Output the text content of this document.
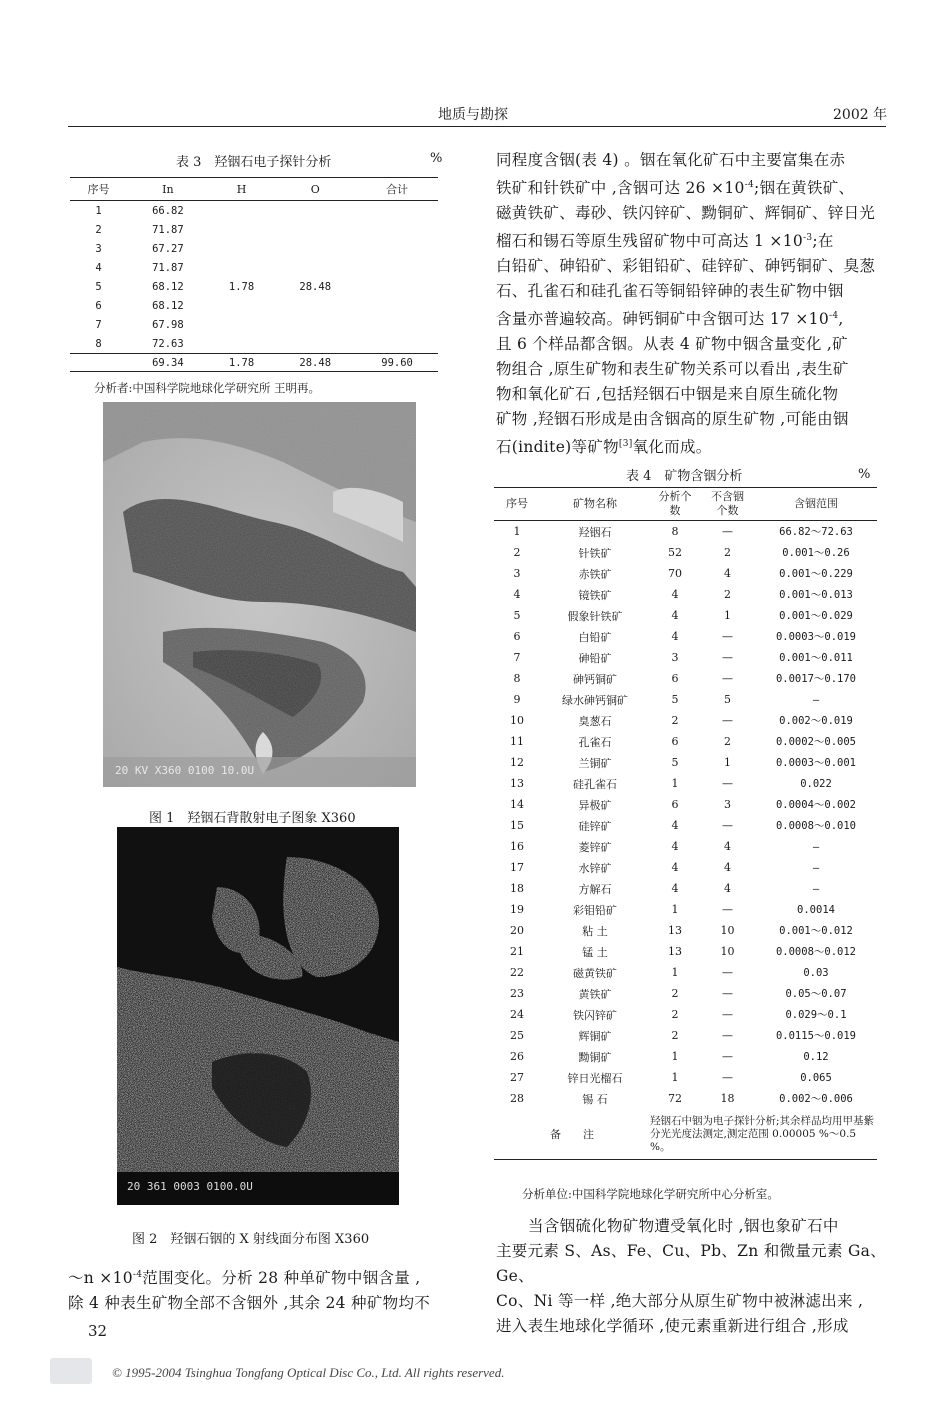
地质与勘探	2002 年
表 3　羟铟石电子探针分析	%
序号	In	H	O	合计
1	66.82			
2	71.87			
3	67.27			
4	71.87			
5	68.12	1.78	28.48	
6	68.12			
7	67.98			
8	72.63			
	69.34	1.78	28.48	99.60
分析者:中国科学院地球化学研究所 王明再。
20 KV X360 0100 10.0U
图 1　羟铟石背散射电子图象 X360
20 361 0003 0100.0U
图 2　羟铟石铟的 X 射线面分布图 X360

～n $\times 10^{-4}$范围变化。分析 28 种单矿物中铟含量 ,

除 4 种表生矿物全部不含铟外 ,其余 24 种矿物均不

32

同程度含铟(表 4) 。铟在氧化矿石中主要富集在赤

铁矿和针铁矿中 ,含铟可达 $26 \times 10^{-4}$;铟在黄铁矿、

磁黄铁矿、毒砂、铁闪锌矿、黝铜矿、辉铜矿、锌日光

榴石和锡石等原生残留矿物中可高达 $1 \times 10^{-3}$;在

白铅矿、砷铅矿、彩钼铅矿、硅锌矿、砷钙铜矿、臭葱

石、孔雀石和硅孔雀石等铜铅锌砷的表生矿物中铟

含量亦普遍较高。砷钙铜矿中含铟可达 $17 \times 10^{-4}$,

且 6 个样品都含铟。从表 4 矿物中铟含量变化 ,矿

物组合 ,原生矿物和表生矿物关系可以看出 ,表生矿

物和氧化矿石 ,包括羟铟石中铟是来自原生硫化物

矿物 ,羟铟石形成是由含铟高的原生矿物 ,可能由铟

石(indite)等矿物[3]氧化而成。

表 4　矿物含铟分析	%
序号	矿物名称	分析个数	不含铟个数	含铟范围
1	羟铟石	8	—	66.82～72.63
2	针铁矿	52	2	0.001～0.26
3	赤铁矿	70	4	0.001～0.229
4	镜铁矿	4	2	0.001～0.013
5	假象针铁矿	4	1	0.001～0.029
6	白铅矿	4	—	0.0003～0.019
7	砷铅矿	3	—	0.001～0.011
8	砷钙铜矿	6	—	0.0017～0.170
9	绿水砷钙铜矿	5	5	—
10	臭葱石	2	—	0.002～0.019
11	孔雀石	6	2	0.0002～0.005
12	兰铜矿	5	1	0.0003～0.001
13	硅孔雀石	1	—	0.022
14	异极矿	6	3	0.0004～0.002
15	硅锌矿	4	—	0.0008～0.010
16	菱锌矿	4	4	—
17	水锌矿	4	4	—
18	方解石	4	4	—
19	彩钼铅矿	1	—	0.0014
20	粘 土	13	10	0.001～0.012
21	锰 土	13	10	0.0008～0.012
22	磁黄铁矿	1	—	0.03
23	黄铁矿	2	—	0.05～0.07
24	铁闪锌矿	2	—	0.029～0.1
25	辉铜矿	2	—	0.0115～0.019
26	黝铜矿	1	—	0.12
27	锌日光榴石	1	—	0.065
28	锡 石	72	18	0.002～0.006
备　　注		羟铟石中铟为电子探针分析;其余样品均用甲基紫分光光度法测定,测定范围 0.00005 %～0.5 %。		
分析单位:中国科学院地球化学研究所中心分析室。

当含铟硫化物矿物遭受氧化时 ,铟也象矿石中

主要元素 S、As、Fe、Cu、Pb、Zn 和微量元素 Ga、Ge、

Co、Ni 等一样 ,绝大部分从原生矿物中被淋滤出来 ,

进入表生地球化学循环 ,使元素重新进行组合 ,形成

© 1995-2004 Tsinghua Tongfang Optical Disc Co., Ltd. All rights reserved.
